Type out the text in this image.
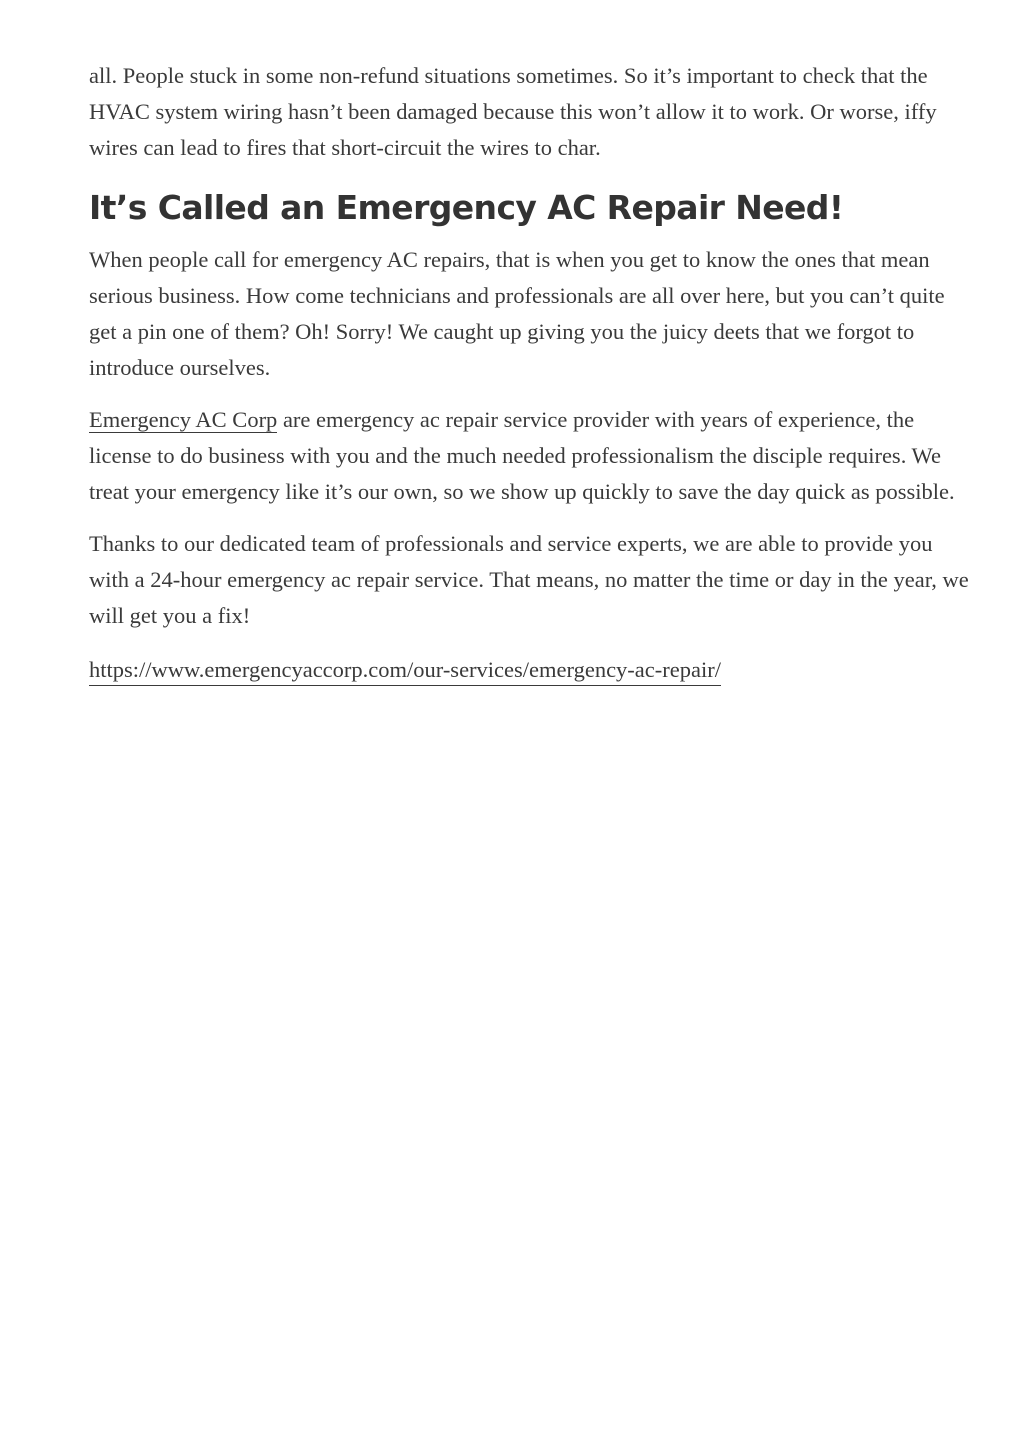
all. People stuck in some non-refund situations sometimes. So it’s important to check that the HVAC system wiring hasn’t been damaged because this won’t allow it to work. Or worse, iffy wires can lead to fires that short-circuit the wires to char.

It’s Called an Emergency AC Repair Need!

When people call for emergency AC repairs, that is when you get to know the ones that mean serious business. How come technicians and professionals are all over here, but you can’t quite get a pin one of them? Oh! Sorry! We caught up giving you the juicy deets that we forgot to introduce ourselves.

Emergency AC Corp are emergency ac repair service provider with years of experience, the license to do business with you and the much needed professionalism the disciple requires. We treat your emergency like it’s our own, so we show up quickly to save the day quick as possible.

Thanks to our dedicated team of professionals and service experts, we are able to provide you with a 24-hour emergency ac repair service. That means, no matter the time or day in the year, we will get you a fix!

https://www.emergencyaccorp.com/our-services/emergency-ac-repair/
